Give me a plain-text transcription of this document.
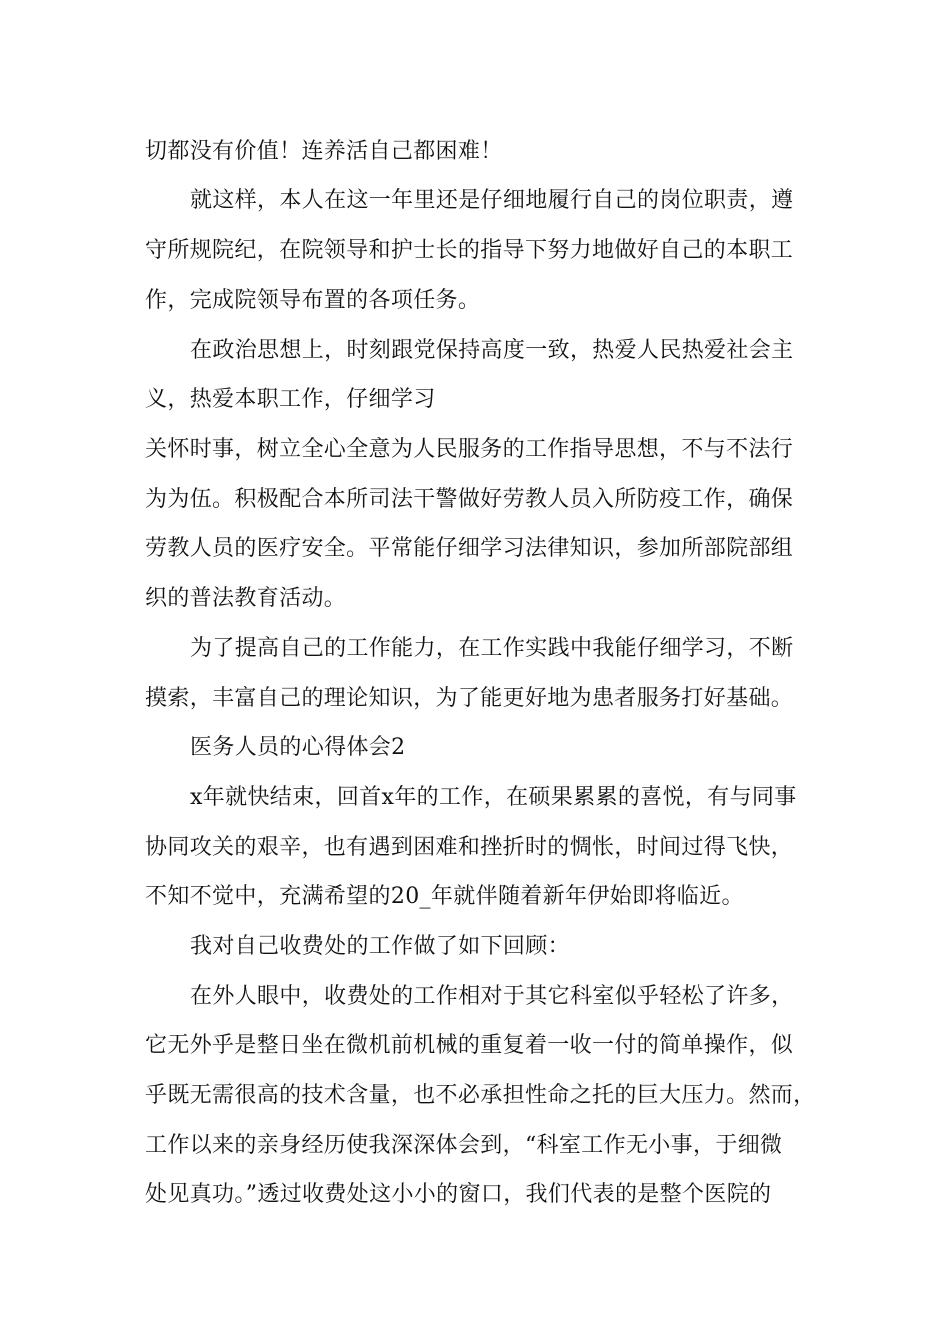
切都没有价值！连养活自己都困难！
就这样，本人在这一年里还是仔细地履行自己的岗位职责，遵
守所规院纪，在院领导和护士长的指导下努力地做好自己的本职工
作，完成院领导布置的各项任务。
在政治思想上，时刻跟党保持高度一致，热爱人民热爱社会主
义，热爱本职工作，仔细学习
关怀时事，树立全心全意为人民服务的工作指导思想，不与不法行
为为伍。积极配合本所司法干警做好劳教人员入所防疫工作，确保
劳教人员的医疗安全。平常能仔细学习法律知识，参加所部院部组
织的普法教育活动。
为了提高自己的工作能力，在工作实践中我能仔细学习，不断
摸索，丰富自己的理论知识，为了能更好地为患者服务打好基础。
医务人员的心得体会2
x年就快结束，回首x年的工作，在硕果累累的喜悦，有与同事
协同攻关的艰辛，也有遇到困难和挫折时的惆怅，时间过得飞快，
不知不觉中，充满希望的20_年就伴随着新年伊始即将临近。
我对自己收费处的工作做了如下回顾：
在外人眼中，收费处的工作相对于其它科室似乎轻松了许多，
它无外乎是整日坐在微机前机械的重复着一收一付的简单操作，似
乎既无需很高的技术含量，也不必承担性命之托的巨大压力。然而，
工作以来的亲身经历使我深深体会到，“科室工作无小事，于细微
处见真功。”透过收费处这小小的窗口，我们代表的是整个医院的
